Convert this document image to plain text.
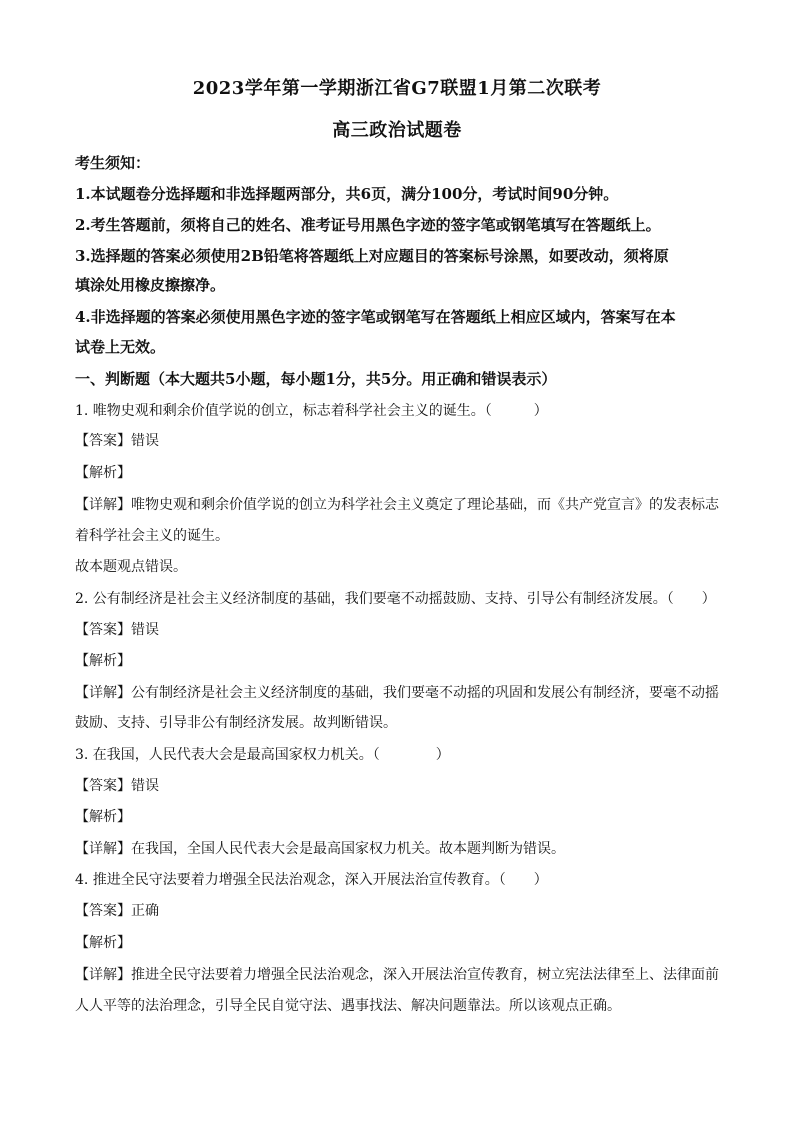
2023学年第一学期浙江省G7联盟1月第二次联考
高三政治试题卷
考生须知：
1.本试题卷分选择题和非选择题两部分，共6页，满分100分，考试时间90分钟。
2.考生答题前，须将自己的姓名、准考证号用黑色字迹的签字笔或钢笔填写在答题纸上。
3.选择题的答案必须使用2B铅笔将答题纸上对应题目的答案标号涂黑，如要改动，须将原
填涂处用橡皮擦擦净。
4.非选择题的答案必须使用黑色字迹的签字笔或钢笔写在答题纸上相应区域内，答案写在本
试卷上无效。
一、判断题（本大题共5小题，每小题1分，共5分。用正确和错误表示）
1. 唯物史观和剩余价值学说的创立，标志着科学社会主义的诞生。（　　　）
【答案】错误
【解析】
【详解】唯物史观和剩余价值学说的创立为科学社会主义奠定了理论基础，而《共产党宣言》的发表标志
着科学社会主义的诞生。
故本题观点错误。
2. 公有制经济是社会主义经济制度的基础，我们要毫不动摇鼓励、支持、引导公有制经济发展。（　　）
【答案】错误
【解析】
【详解】公有制经济是社会主义经济制度的基础，我们要毫不动摇的巩固和发展公有制经济，要毫不动摇
鼓励、支持、引导非公有制经济发展。故判断错误。
3. 在我国，人民代表大会是最高国家权力机关。（　　　　）
【答案】错误
【解析】
【详解】在我国，全国人民代表大会是最高国家权力机关。故本题判断为错误。
4. 推进全民守法要着力增强全民法治观念，深入开展法治宣传教育。（　　）
【答案】正确
【解析】
【详解】推进全民守法要着力增强全民法治观念，深入开展法治宣传教育，树立宪法法律至上、法律面前
人人平等的法治理念，引导全民自觉守法、遇事找法、解决问题靠法。所以该观点正确。
